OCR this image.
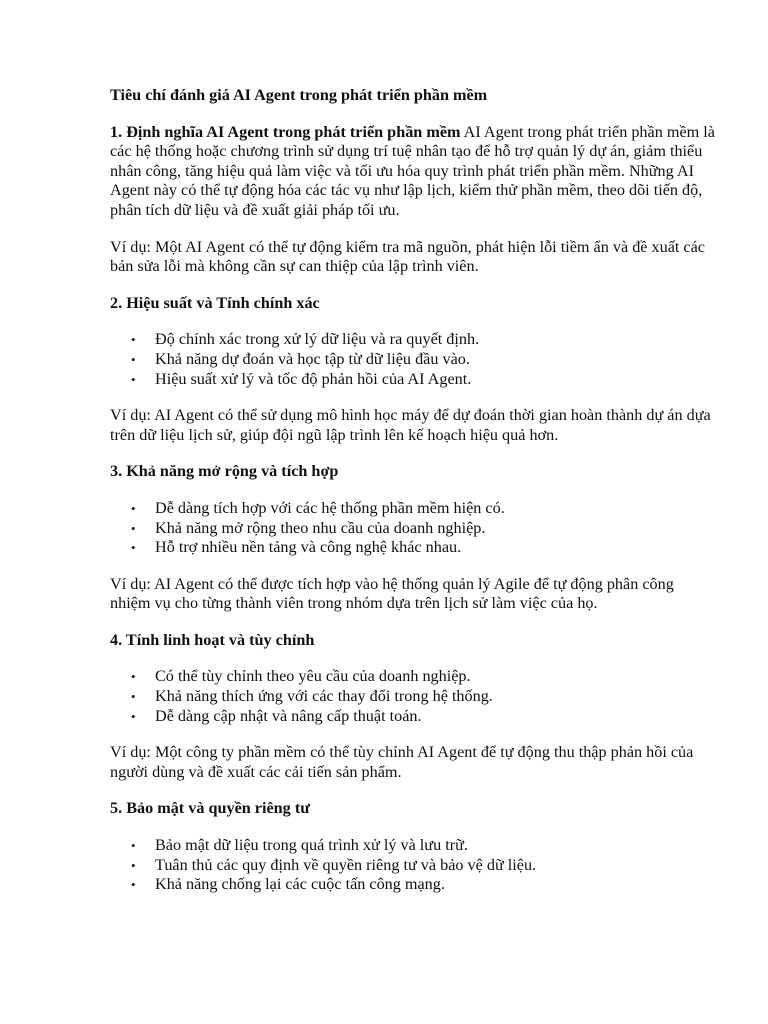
Tiêu chí đánh giá AI Agent trong phát triển phần mềm
1. Định nghĩa AI Agent trong phát triển phần mềm AI Agent trong phát triển phần mềm là các hệ thống hoặc chương trình sử dụng trí tuệ nhân tạo để hỗ trợ quản lý dự án, giảm thiểu nhân công, tăng hiệu quả làm việc và tối ưu hóa quy trình phát triển phần mềm. Những AI Agent này có thể tự động hóa các tác vụ như lập lịch, kiểm thử phần mềm, theo dõi tiến độ, phân tích dữ liệu và đề xuất giải pháp tối ưu.
Ví dụ: Một AI Agent có thể tự động kiểm tra mã nguồn, phát hiện lỗi tiềm ẩn và đề xuất các bản sửa lỗi mà không cần sự can thiệp của lập trình viên.
2. Hiệu suất và Tính chính xác
• Độ chính xác trong xử lý dữ liệu và ra quyết định.
• Khả năng dự đoán và học tập từ dữ liệu đầu vào.
• Hiệu suất xử lý và tốc độ phản hồi của AI Agent.
Ví dụ: AI Agent có thể sử dụng mô hình học máy để dự đoán thời gian hoàn thành dự án dựa trên dữ liệu lịch sử, giúp đội ngũ lập trình lên kế hoạch hiệu quả hơn.
3. Khả năng mở rộng và tích hợp
• Dễ dàng tích hợp với các hệ thống phần mềm hiện có.
• Khả năng mở rộng theo nhu cầu của doanh nghiệp.
• Hỗ trợ nhiều nền tảng và công nghệ khác nhau.
Ví dụ: AI Agent có thể được tích hợp vào hệ thống quản lý Agile để tự động phân công nhiệm vụ cho từng thành viên trong nhóm dựa trên lịch sử làm việc của họ.
4. Tính linh hoạt và tùy chỉnh
• Có thể tùy chỉnh theo yêu cầu của doanh nghiệp.
• Khả năng thích ứng với các thay đổi trong hệ thống.
• Dễ dàng cập nhật và nâng cấp thuật toán.
Ví dụ: Một công ty phần mềm có thể tùy chỉnh AI Agent để tự động thu thập phản hồi của người dùng và đề xuất các cải tiến sản phẩm.
5. Bảo mật và quyền riêng tư
• Bảo mật dữ liệu trong quá trình xử lý và lưu trữ.
• Tuân thủ các quy định về quyền riêng tư và bảo vệ dữ liệu.
• Khả năng chống lại các cuộc tấn công mạng.
